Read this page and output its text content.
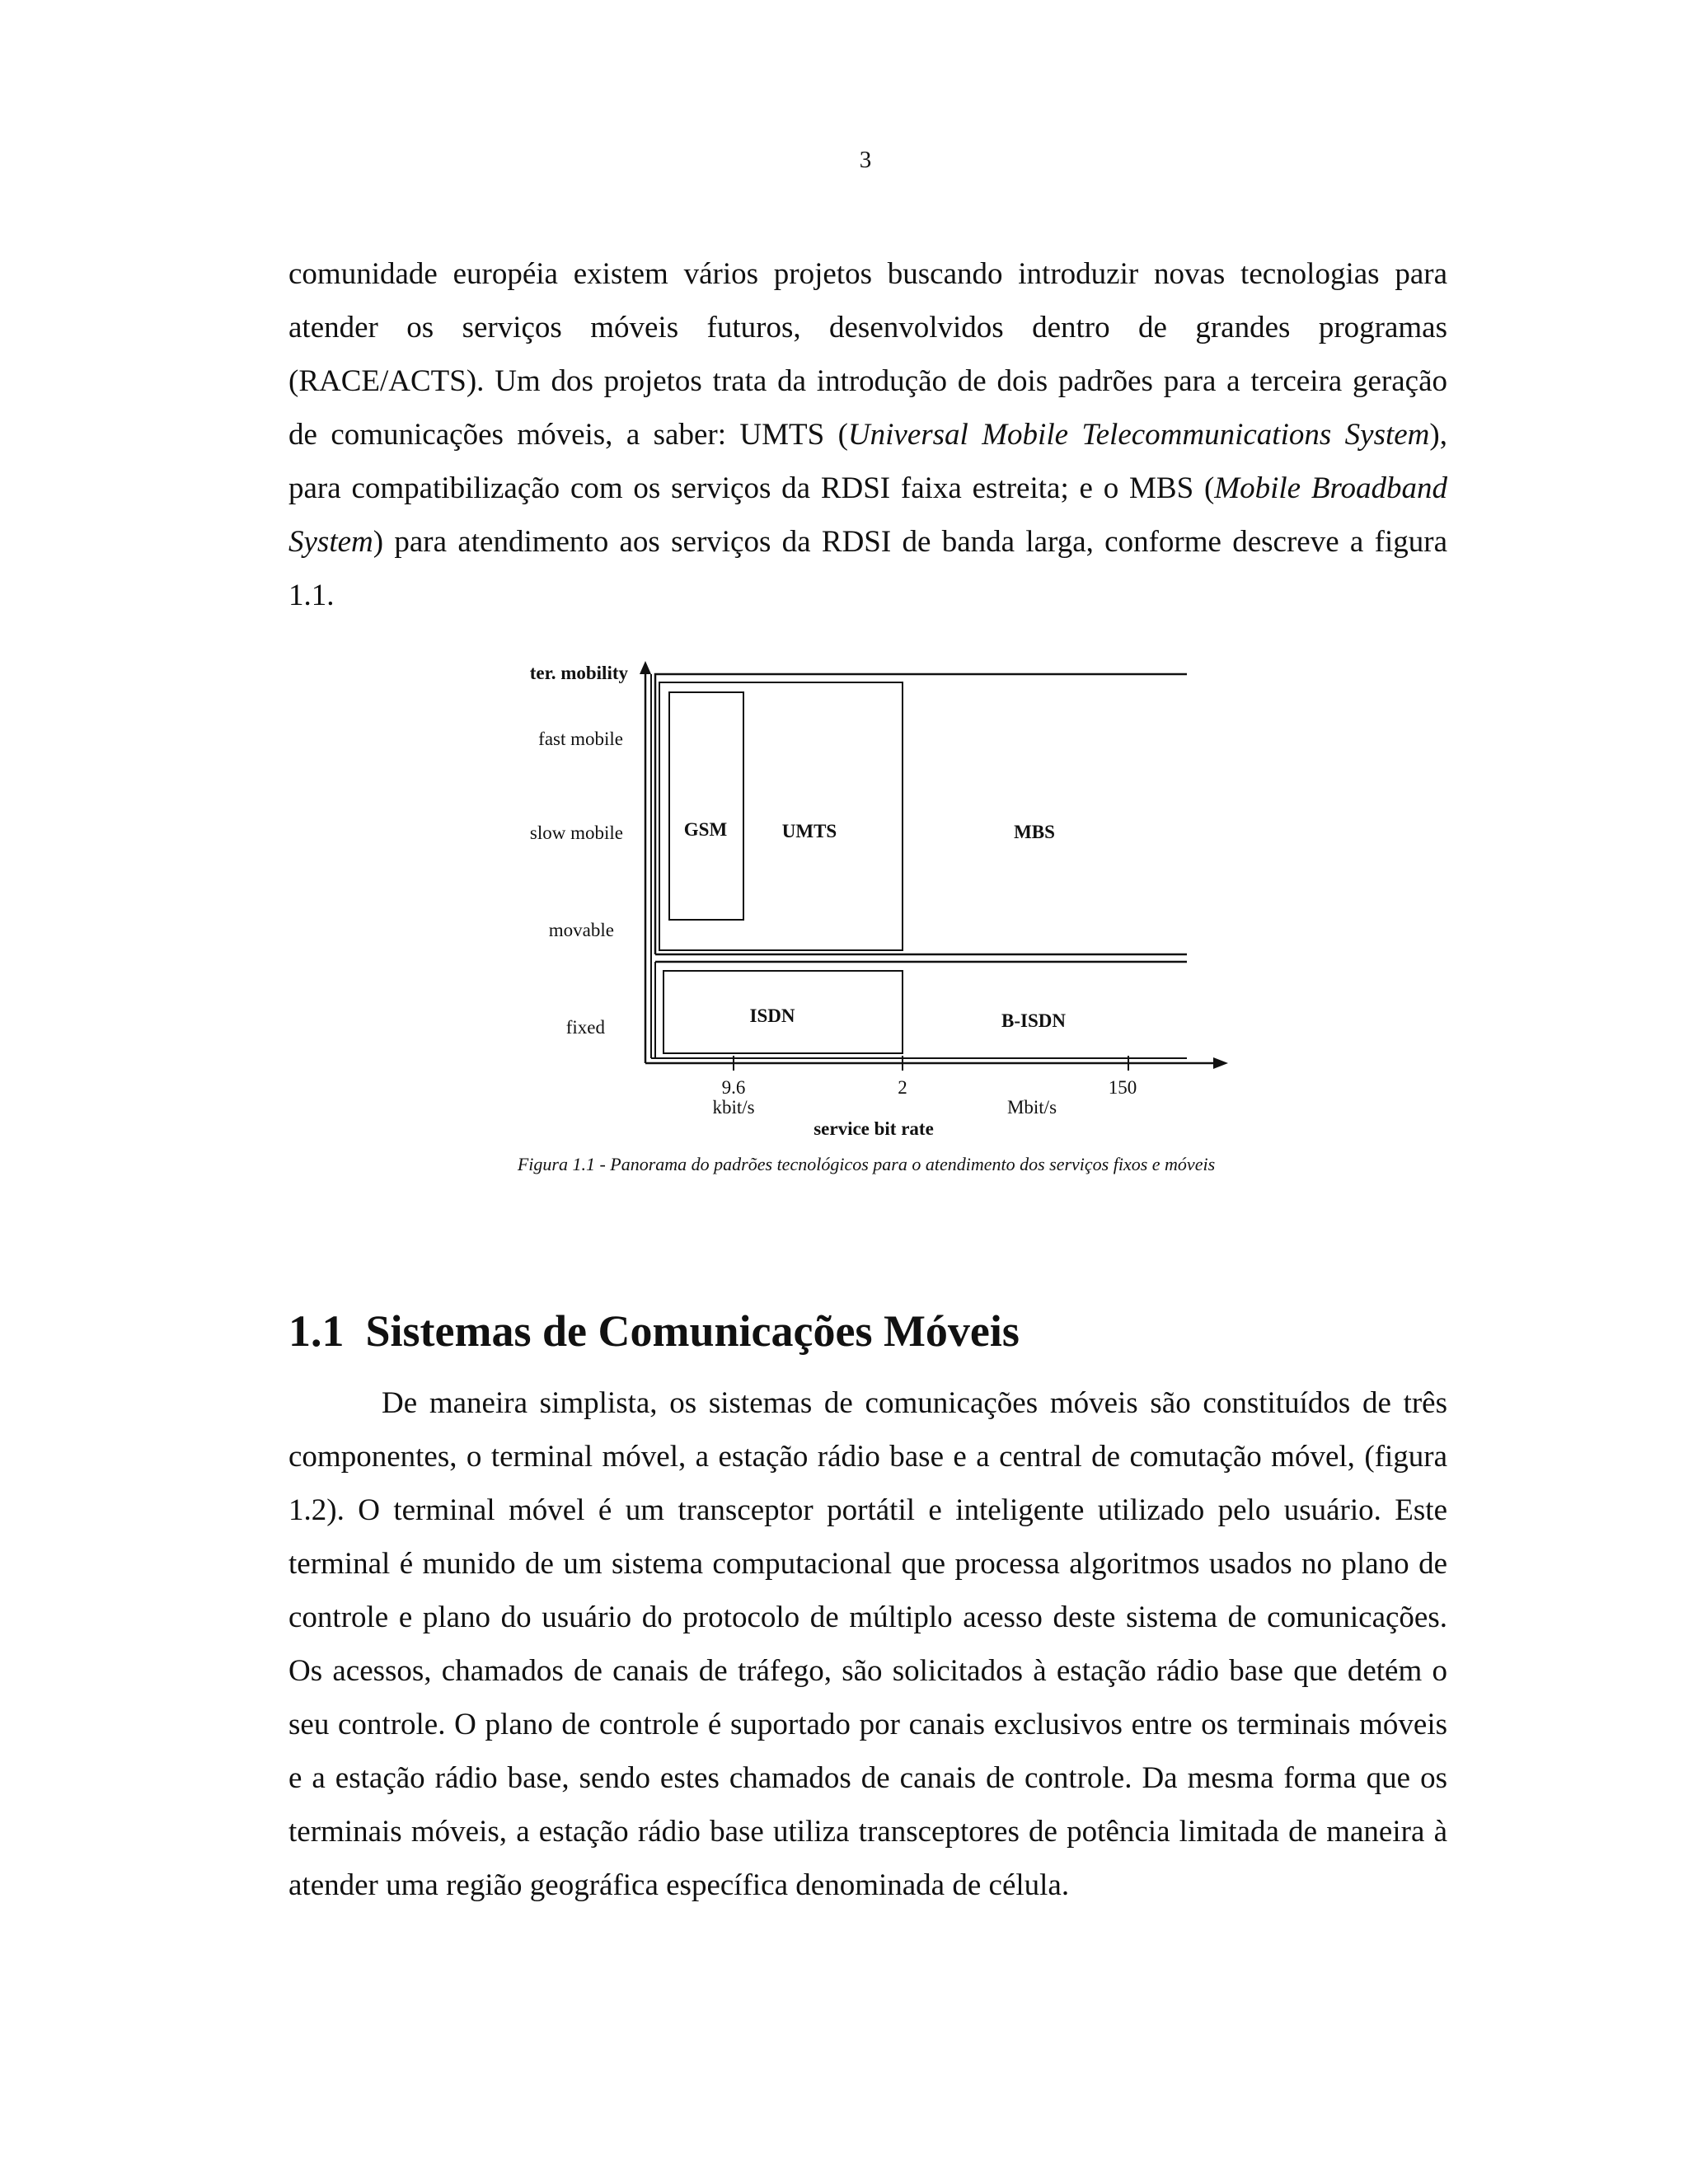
3

comunidade européia existem vários projetos buscando introduzir novas tecnologias para
atender os serviços móveis futuros, desenvolvidos dentro de grandes programas
(RACE/ACTS). Um dos projetos trata da introdução de dois padrões para a terceira geração
de comunicações móveis, a saber: UMTS (Universal Mobile Telecommunications System),
para compatibilização com os serviços da RDSI faixa estreita; e o MBS (Mobile Broadband
System) para atendimento aos serviços da RDSI de banda larga, conforme descreve a figura
1.1.

ter. mobility
fast mobile
slow mobile
movable
fixed
GSM	UMTS	MBS
ISDN	B-ISDN
9.6
kbit/s
2
Mbit/s
150
service bit rate
Figura 1.1 - Panorama do padrões tecnológicos para o atendimento dos serviços fixos e móveis
1.1 Sistemas de Comunicações Móveis

De maneira simplista, os sistemas de comunicações móveis são constituídos de três
componentes, o terminal móvel, a estação rádio base e a central de comutação móvel, (figura
1.2). O terminal móvel é um transceptor portátil e inteligente utilizado pelo usuário. Este
terminal é munido de um sistema computacional que processa algoritmos usados no plano de
controle e plano do usuário do protocolo de múltiplo acesso deste sistema de comunicações.
Os acessos, chamados de canais de tráfego, são solicitados à estação rádio base que detém o
seu controle. O plano de controle é suportado por canais exclusivos entre os terminais móveis
e a estação rádio base, sendo estes chamados de canais de controle. Da mesma forma que os
terminais móveis, a estação rádio base utiliza transceptores de potência limitada de maneira à
atender uma região geográfica específica denominada de célula.
